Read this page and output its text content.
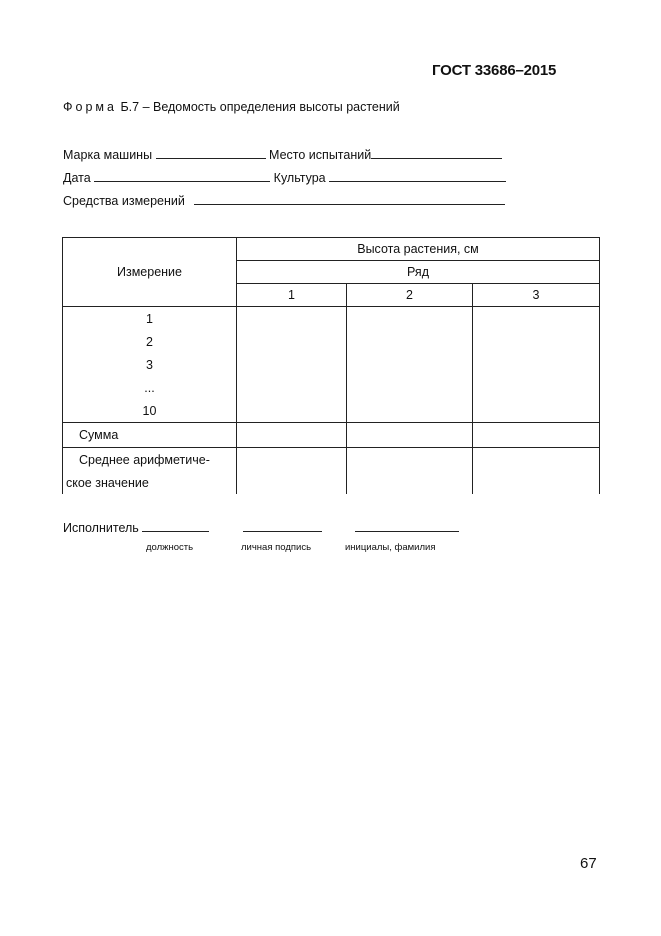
ГОСТ 33686–2015
Форма Б.7 – Ведомость определения высоты растений
Марка машины	Место испытаний
Дата	Культура
Средства измерений
Измерение	Высота растения, см		
	Ряд		
	1	2	3
1			
2			
3			
...			
10			
Сумма			
Среднее арифметиче-			
ское значение			
Исполнитель
должность	личная подпись	инициалы, фамилия
67
